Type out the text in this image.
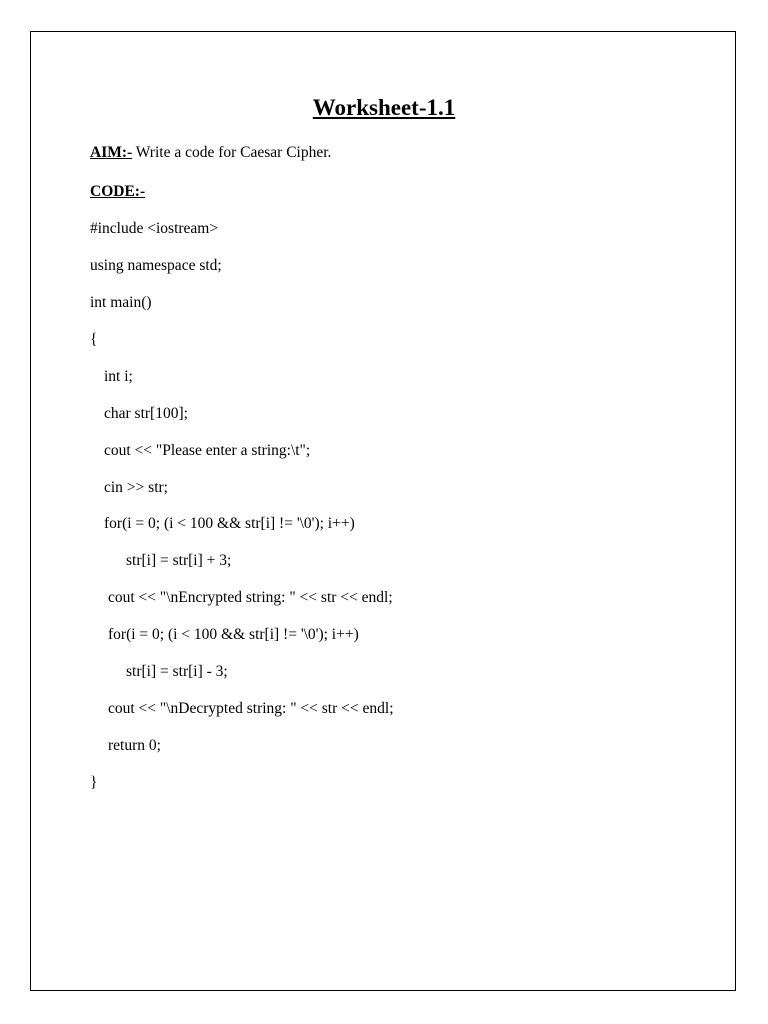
Worksheet-1.1
AIM:- Write a code for Caesar Cipher.
CODE:-
#include <iostream>
using namespace std;
int main()
{
int i;
char str[100];
cout << "Please enter a string:\t";
cin >> str;
for(i = 0; (i < 100 && str[i] != '\0'); i++)
str[i] = str[i] + 3;
cout << "\nEncrypted string: " << str << endl;
for(i = 0; (i < 100 && str[i] != '\0'); i++)
str[i] = str[i] - 3;
cout << "\nDecrypted string: " << str << endl;
return 0;
}
